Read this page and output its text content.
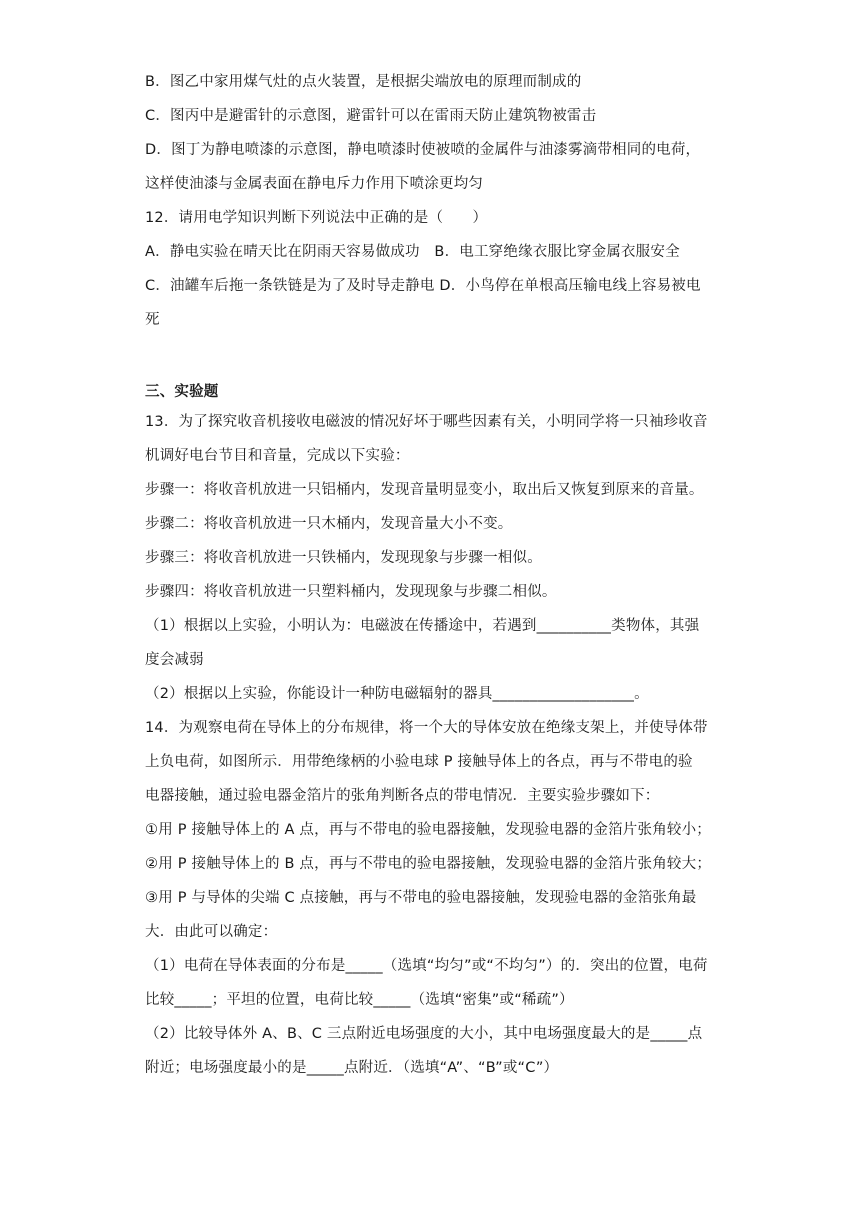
B．图乙中家用煤气灶的点火装置，是根据尖端放电的原理而制成的
C．图丙中是避雷针的示意图，避雷针可以在雷雨天防止建筑物被雷击
D．图丁为静电喷漆的示意图，静电喷漆时使被喷的金属件与油漆雾滴带相同的电荷，
这样使油漆与金属表面在静电斥力作用下喷涂更均匀
12．请用电学知识判断下列说法中正确的是（　　）
A．静电实验在晴天比在阴雨天容易做成功　B．电工穿绝缘衣服比穿金属衣服安全
C．油罐车后拖一条铁链是为了及时导走静电 D．小鸟停在单根高压输电线上容易被电
死
三、实验题
13．为了探究收音机接收电磁波的情况好坏于哪些因素有关，小明同学将一只袖珍收音
机调好电台节目和音量，完成以下实验：
步骤一：将收音机放进一只铝桶内，发现音量明显变小，取出后又恢复到原来的音量。
步骤二：将收音机放进一只木桶内，发现音量大小不变。
步骤三：将收音机放进一只铁桶内，发现现象与步骤一相似。
步骤四：将收音机放进一只塑料桶内，发现现象与步骤二相似。
（1）根据以上实验，小明认为：电磁波在传播途中，若遇到__________类物体，其强
度会减弱
（2）根据以上实验，你能设计一种防电磁辐射的器具___________________。
14．为观察电荷在导体上的分布规律，将一个大的导体安放在绝缘支架上，并使导体带
上负电荷，如图所示．用带绝缘柄的小验电球 P 接触导体上的各点，再与不带电的验
电器接触，通过验电器金箔片的张角判断各点的带电情况．主要实验步骤如下：
①用 P 接触导体上的 A 点，再与不带电的验电器接触，发现验电器的金箔片张角较小；
②用 P 接触导体上的 B 点，再与不带电的验电器接触，发现验电器的金箔片张角较大；
③用 P 与导体的尖端 C 点接触，再与不带电的验电器接触，发现验电器的金箔张角最
大．由此可以确定：
（1）电荷在导体表面的分布是_____（选填“均匀”或“不均匀”）的．突出的位置，电荷
比较_____；平坦的位置，电荷比较_____（选填“密集”或“稀疏”）
（2）比较导体外 A、B、C 三点附近电场强度的大小，其中电场强度最大的是_____点
附近；电场强度最小的是_____点附近．（选填“A”、“B”或“C”）
